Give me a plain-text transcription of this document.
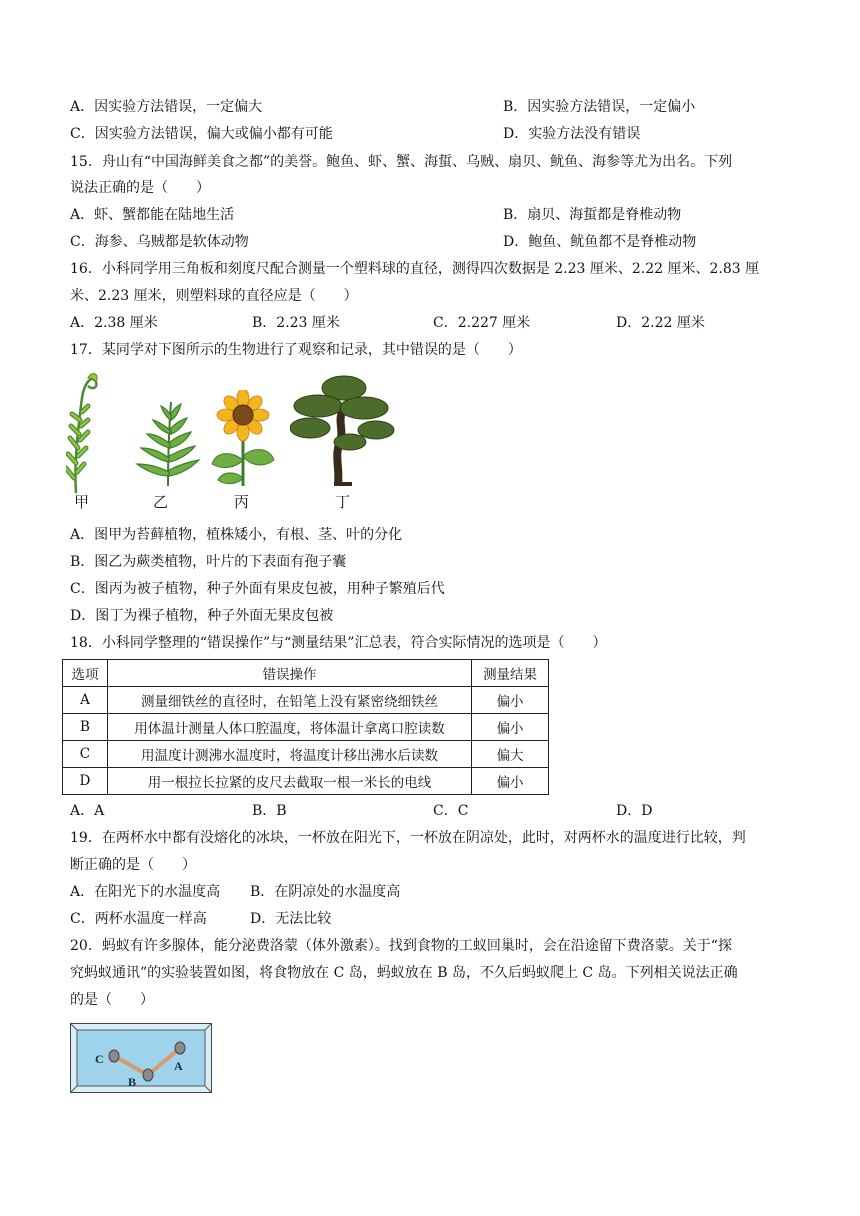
A．因实验方法错误，一定偏大	B．因实验方法错误，一定偏小
C．因实验方法错误，偏大或偏小都有可能	D．实验方法没有错误
15．舟山有“中国海鲜美食之都”的美誉。鲍鱼、虾、蟹、海蜇、乌贼、扇贝、鱿鱼、海参等尤为出名。下列
说法正确的是（　　）
A．虾、蟹都能在陆地生活	B．扇贝、海蜇都是脊椎动物
C．海参、乌贼都是软体动物	D．鲍鱼、鱿鱼都不是脊椎动物
16．小科同学用三角板和刻度尺配合测量一个塑料球的直径，测得四次数据是 2.23 厘米、2.22 厘米、2.83 厘
米、2.23 厘米，则塑料球的直径应是（　　）
A．2.38 厘米	B．2.23 厘米	C．2.227 厘米	D．2.22 厘米
17．某同学对下图所示的生物进行了观察和记录，其中错误的是（　　）
甲	乙	丙	丁
A．图甲为苔藓植物，植株矮小，有根、茎、叶的分化
B．图乙为蕨类植物，叶片的下表面有孢子囊
C．图丙为被子植物，种子外面有果皮包被，用种子繁殖后代
D．图丁为裸子植物，种子外面无果皮包被
18．小科同学整理的“错误操作”与“测量结果”汇总表，符合实际情况的选项是（　　）
选项	错误操作	测量结果
A	测量细铁丝的直径时，在铅笔上没有紧密绕细铁丝	偏小
B	用体温计测量人体口腔温度，将体温计拿离口腔读数	偏小
C	用温度计测沸水温度时，将温度计移出沸水后读数	偏大
D	用一根拉长拉紧的皮尺去截取一根一米长的电线	偏小
A．A	B．B	C．C	D．D
19．在两杯水中都有没熔化的冰块，一杯放在阳光下，一杯放在阴凉处，此时，对两杯水的温度进行比较，判
断正确的是（　　）
A．在阳光下的水温度高 B．在阴凉处的水温度高
C．两杯水温度一样高	D．无法比较
20．蚂蚁有许多腺体，能分泌费洛蒙（体外激素）。找到食物的工蚁回巢时，会在沿途留下费洛蒙。关于“探
究蚂蚁通讯”的实验装置如图，将食物放在 C 岛，蚂蚁放在 B 岛，不久后蚂蚁爬上 C 岛。下列相关说法正确
的是（　　）
C
B
A
